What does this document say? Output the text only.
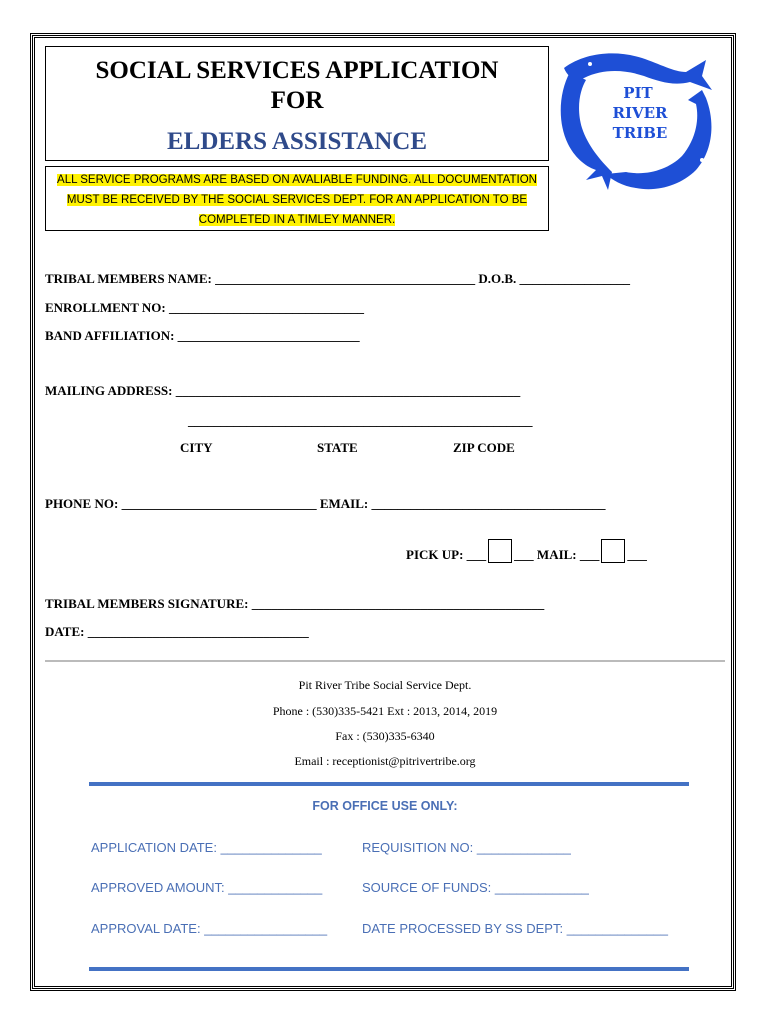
SOCIAL SERVICES APPLICATION
FOR
ELDERS ASSISTANCE
ALL SERVICE PROGRAMS ARE BASED ON AVALIABLE FUNDING. ALL DOCUMENTATION
MUST BE RECEIVED BY THE SOCIAL SERVICES DEPT. FOR AN APPLICATION TO BE
COMPLETED IN A TIMLEY MANNER.
PIT
RIVER
TRIBE
TRIBAL MEMBERS NAME: ________________________________________ D.O.B. _________________
ENROLLMENT NO: ______________________________
BAND AFFILIATION: ____________________________
MAILING ADDRESS: _____________________________________________________
_____________________________________________________
CITY	STATE	ZIP CODE
PHONE NO: ______________________________ EMAIL: ____________________________________
PICK UP: ___ ___ MAIL: ___ ___
TRIBAL MEMBERS SIGNATURE: _____________________________________________
DATE: __________________________________
Pit River Tribe Social Service Dept.
Phone : (530)335-5421 Ext : 2013, 2014, 2019
Fax : (530)335-6340
Email : receptionist@pitrivertribe.org
FOR OFFICE USE ONLY:
APPLICATION DATE: ______________	REQUISITION NO: _____________
APPROVED AMOUNT: _____________	SOURCE OF FUNDS: _____________
APPROVAL DATE: _________________	DATE PROCESSED BY SS DEPT: ______________
